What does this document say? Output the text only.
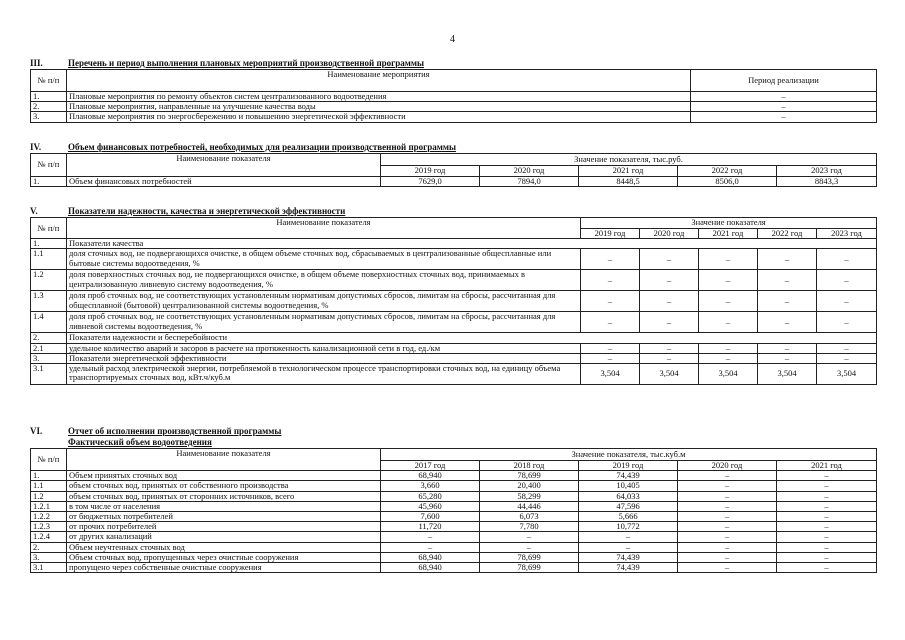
4
III.	Перечень и период выполнения плановых мероприятий производственной программы
№ п/п	Наименование мероприятия	Период реализации
1.	Плановые мероприятия по ремонту объектов систем централизованного водоотведения	–
2.	Плановые мероприятия, направленные на улучшение качества воды	–
3.	Плановые мероприятия по энергосбережению и повышению энергетической эффективности	–
IV.	Объем финансовых потребностей, необходимых для реализации производственной программы
№ п/п	Наименование показателя	Значение показателя, тыс.руб.				
		2019 год	2020 год	2021 год	2022 год	2023 год
1.	Объем финансовых потребностей	7629,0	7894,0	8448,5	8506,0	8843,3
V.	Показатели надежности, качества и энергетической эффективности
№ п/п	Наименование показателя	Значение показателя				
		2019 год	2020 год	2021 год	2022 год	2023 год
1.	Показатели качества					
1.1	доля сточных вод, не подвергающихся очистке, в общем объеме сточных вод, сбрасываемых в централизованные общесплавные или бытовые системы водоотведения, %	–	–	–	–	–
1.2	доля поверхностных сточных вод, не подвергающихся очистке, в общем объеме поверхностных сточных вод, принимаемых в централизованную ливневую систему водоотведения, %	–	–	–	–	–
1.3	доля проб сточных вод, не соответствующих установленным нормативам допустимых сбросов, лимитам на сбросы, рассчитанная для общесплавной (бытовой) централизованной системы водоотведения, %	–	–	–	–	–
1.4	доля проб сточных вод, не соответствующих установленным нормативам допустимых сбросов, лимитам на сбросы, рассчитанная для ливневой системы водоотведения, %	–	–	–	–	–
2.	Показатели надежности и бесперебойности					
2.1	удельное количество аварий и засоров в расчете на протяженность канализационной сети в год, ед./км	–	–	–	–	–
3.	Показатели энергетической эффективности	–	–	–	–	–
3.1	удельный расход электрической энергии, потребляемой в технологическом процессе транспортировки сточных вод, на единицу объема транспортируемых сточных вод, кВт.ч/куб.м	3,504	3,504	3,504	3,504	3,504
VI.	Отчет об исполнении производственной программы
Фактический объем водоотведения
№ п/п	Наименование показателя	Значение показателя, тыс.куб.м				
		2017 год	2018 год	2019 год	2020 год	2021 год
1.	Объем принятых сточных вод	68,940	78,699	74,439	–	–
1.1	объем сточных вод, принятых от собственного производства	3,660	20,400	10,405	–	–
1.2	объем сточных вод, принятых от сторонних источников, всего	65,280	58,299	64,033	–	–
1.2.1	в том числе от населения	45,960	44,446	47,596	–	–
1.2.2	от бюджетных потребителей	7,600	6,073	5,666	–	–
1.2.3	от прочих потребителей	11,720	7,780	10,772	–	–
1.2.4	от других канализаций	–	–	–	–	–
2.	Объем неучтенных сточных вод	–	–	–	–	–
3.	Объем сточных вод, пропущенных через очистные сооружения	68,940	78,699	74,439	–	–
3.1	пропущено через собственные очистные сооружения	68,940	78,699	74,439	–	–
